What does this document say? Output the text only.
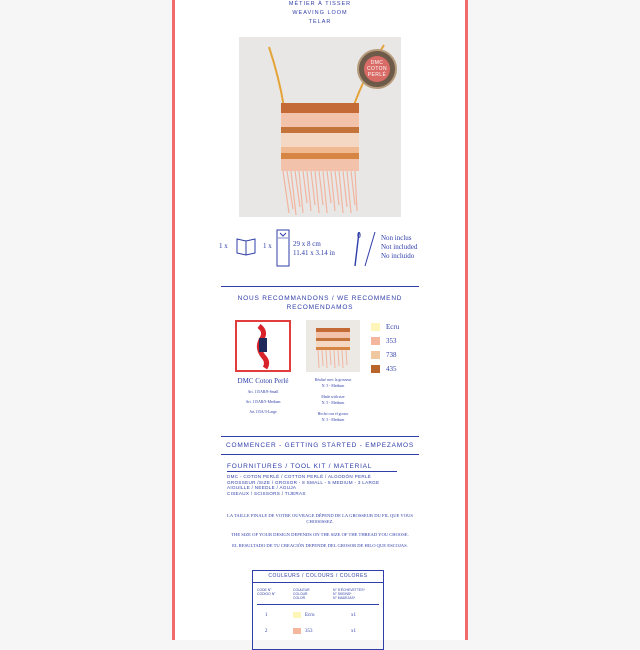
MÉTIER À TISSER
WEAVING LOOM
TELAR
DMC
COTON
PERLÉ
1 x	1 x	29 x 8 cm
11.41 x 3.14 in
Non inclus
Not included
No incluido
NOUS RECOMMANDONS / WE RECOMMEND
RECOMENDAMOS
DMC Coton Perlé
Art. 115AR/8-Small
Art. 115AR/5-Medium
Art.115A/3-Large
Réalisé avec la grosseur
N. 5 - Medium
Made with size
N. 5 - Medium
Hecho con el grosor
N. 5 - Medium
Ecru
353
738
435
COMMENCER - GETTING STARTED - EMPEZAMOS
FOURNITURES / TOOL KIT / MATERIAL
DMC - COTON PERLÉ / COTTON PERLÉ / ALGODÓN PERLÉ
GROSSEUR /SIZE / GROSOR - 8 SMALL - 5 MEDIUM - 3 LARGE
AIGUILLE / NEEDLE / AGUJA
CISEAUX / SCISSORS / TIJERAS
LA TAILLE FINALE DE VOTRE OUVRAGE DÉPEND DE LA GROSSEUR DU FIL QUE VOUS
CHOISISSEZ.
THE SIZE OF YOUR DESIGN DEPENDS ON THE SIZE OF THE THREAD YOU CHOOSE.
EL RESULTADO DE TU CREACIÓN DEPENDE DEL GROSOR DE HILO QUE ESCOJAS.
COULEURS / COLOURS / COLORES
CODE N°
CODIGO N°
COULEUR
COLOUR
COLOR
N° D'ÉCHEVETTES*
N° SKEINS*
N° MADEJAS*
1	Ecru	x1
2	353	x1
